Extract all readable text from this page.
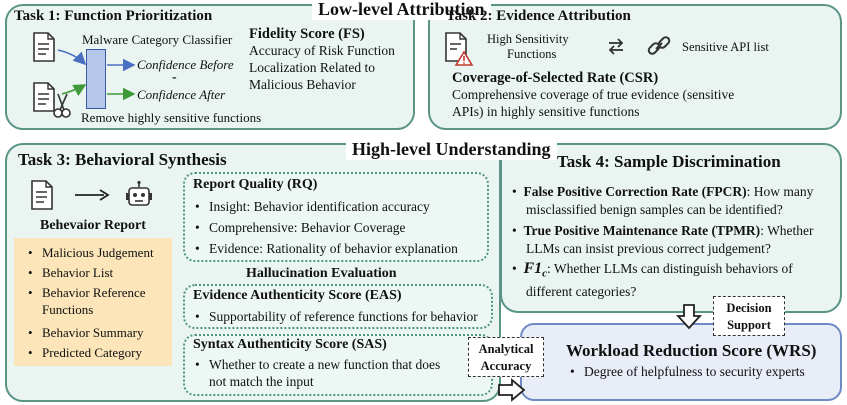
Low-level Attribution
Task 1: Function Prioritization
Malware Category Classifier
Confidence Before
-
Confidence After
Remove highly sensitive functions
Fidelity Score (FS)
Accuracy of Risk Function
Localization Related to
Malicious Behavior
Task 2: Evidence Attribution
High Sensitivity
Functions	Sensitive API list
Coverage-of-Selected Rate (CSR)
Comprehensive coverage of true evidence (sensitive
APIs) in highly sensitive functions
High-level Understanding
Task 3: Behavioral Synthesis
Behevaior Report
• Malicious Judgement
• Behavior List
• Behavior Reference
Functions
• Behavior Summary
• Predicted Category
Report Quality (RQ)
• Insight: Behavior identification accuracy
• Comprehensive: Behavior Coverage
• Evidence: Rationality of behavior explanation
Hallucination Evaluation
Evidence Authenticity Score (EAS)
• Supportability of reference functions for behavior
Syntax Authenticity Score (SAS)
• Whether to create a new function that does
not match the input
Task 4: Sample Discrimination
•  False Positive Correction Rate (FPCR): How many
misclassified benign samples can be identified?
•  True Positive Maintenance Rate (TPMR): Whether
LLMs can insist previous correct judgement?
•  $F1_c$: Whether LLMs can distinguish behaviors of
different categories?
Workload Reduction Score (WRS)
• Degree of helpfulness to security experts
Decision
Support
Analytical
Accuracy
